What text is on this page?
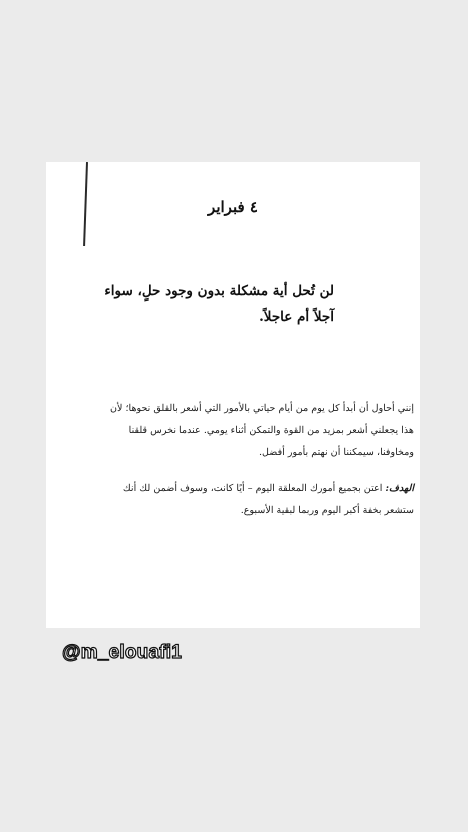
٤ فبراير
لن تُحل أية مشكلة بدون وجود حلٍ، سواء
آجلاً أم عاجلاً.
إنني أحاول أن أبدأ كل يوم من أيام حياتي بالأمور التي أشعر بالقلق نحوها؛ لأن
هذا يجعلني أشعر بمزيد من القوة والتمكن أثناء يومي. عندما نخرس قلقنا
ومخاوفنا، سيمكننا أن نهتم بأمور أفضل.
الهدف: اعتن بجميع أمورك المعلقة اليوم – أيًا كانت، وسوف أضمن لك أنك
ستشعر بخفة أكبر اليوم وربما لبقية الأسبوع.
@m_elouafi1
